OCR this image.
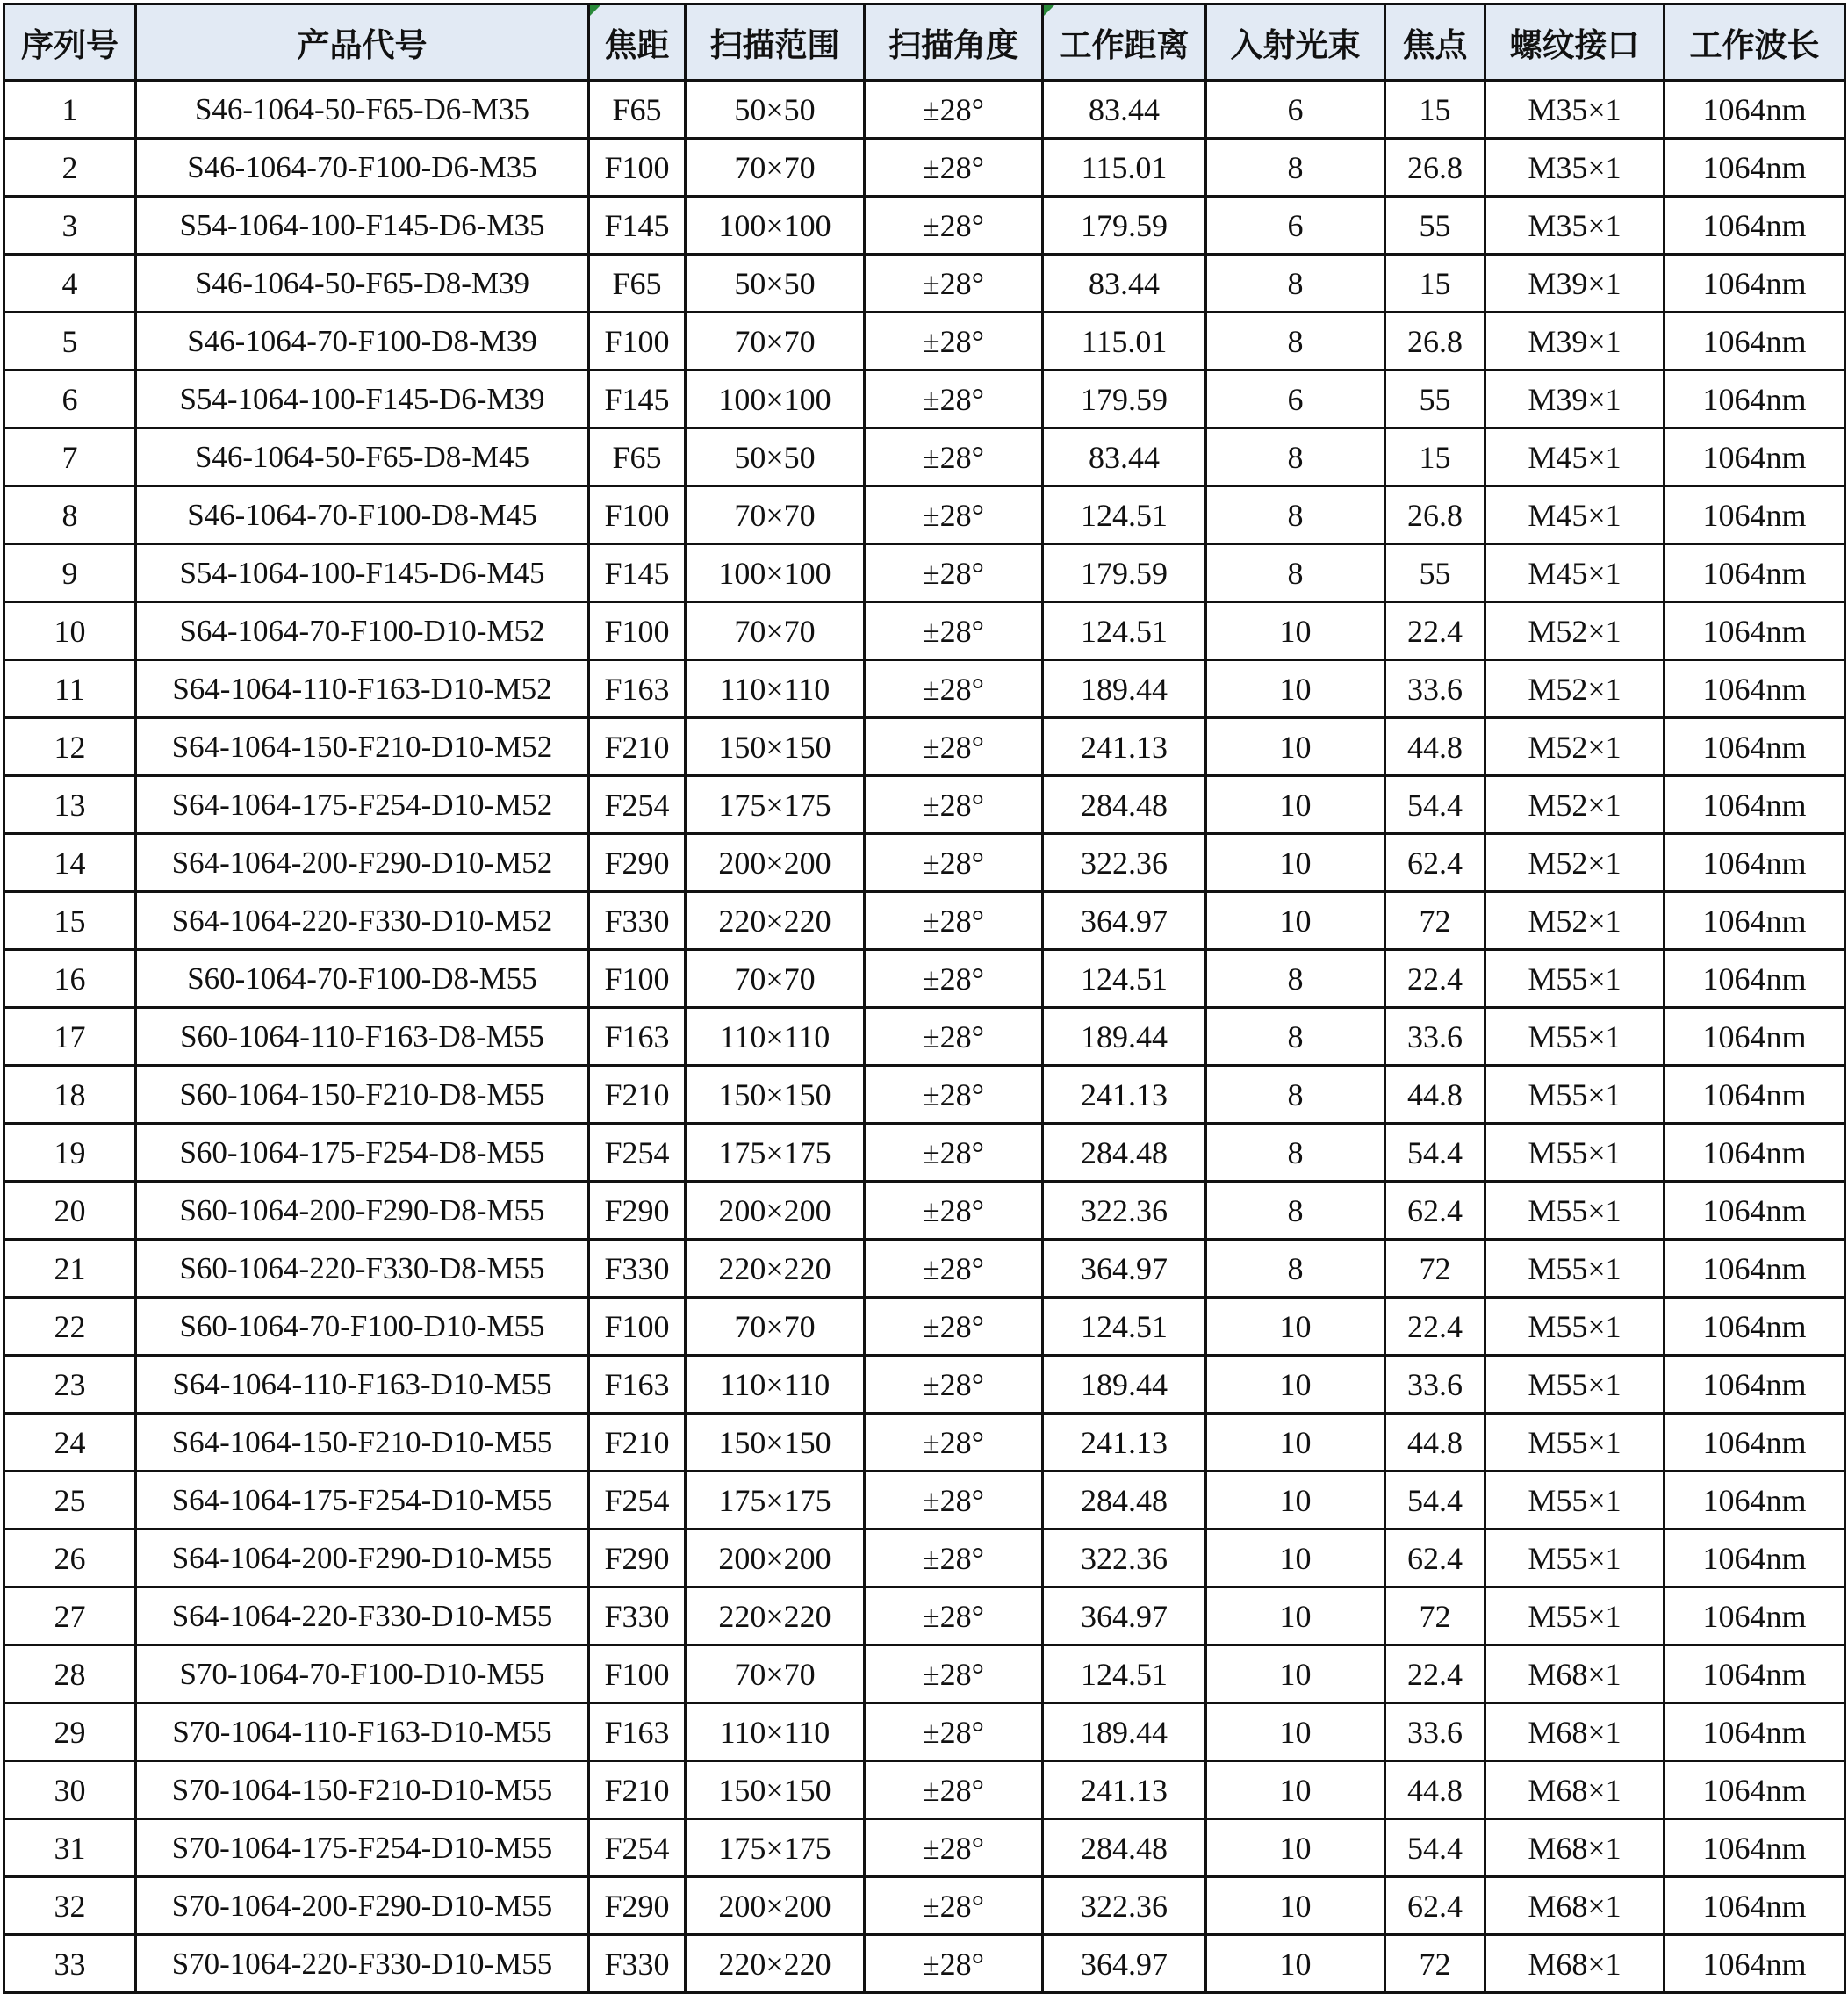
序列号	产品代号	焦距	扫描范围	扫描角度	工作距离	入射光束	焦点	螺纹接口	工作波长
1	S46-1064-50-F65-D6-M35	F65	50×50	±28°	83.44	6	15	M35×1	1064nm
2	S46-1064-70-F100-D6-M35	F100	70×70	±28°	115.01	8	26.8	M35×1	1064nm
3	S54-1064-100-F145-D6-M35	F145	100×100	±28°	179.59	6	55	M35×1	1064nm
4	S46-1064-50-F65-D8-M39	F65	50×50	±28°	83.44	8	15	M39×1	1064nm
5	S46-1064-70-F100-D8-M39	F100	70×70	±28°	115.01	8	26.8	M39×1	1064nm
6	S54-1064-100-F145-D6-M39	F145	100×100	±28°	179.59	6	55	M39×1	1064nm
7	S46-1064-50-F65-D8-M45	F65	50×50	±28°	83.44	8	15	M45×1	1064nm
8	S46-1064-70-F100-D8-M45	F100	70×70	±28°	124.51	8	26.8	M45×1	1064nm
9	S54-1064-100-F145-D6-M45	F145	100×100	±28°	179.59	8	55	M45×1	1064nm
10	S64-1064-70-F100-D10-M52	F100	70×70	±28°	124.51	10	22.4	M52×1	1064nm
11	S64-1064-110-F163-D10-M52	F163	110×110	±28°	189.44	10	33.6	M52×1	1064nm
12	S64-1064-150-F210-D10-M52	F210	150×150	±28°	241.13	10	44.8	M52×1	1064nm
13	S64-1064-175-F254-D10-M52	F254	175×175	±28°	284.48	10	54.4	M52×1	1064nm
14	S64-1064-200-F290-D10-M52	F290	200×200	±28°	322.36	10	62.4	M52×1	1064nm
15	S64-1064-220-F330-D10-M52	F330	220×220	±28°	364.97	10	72	M52×1	1064nm
16	S60-1064-70-F100-D8-M55	F100	70×70	±28°	124.51	8	22.4	M55×1	1064nm
17	S60-1064-110-F163-D8-M55	F163	110×110	±28°	189.44	8	33.6	M55×1	1064nm
18	S60-1064-150-F210-D8-M55	F210	150×150	±28°	241.13	8	44.8	M55×1	1064nm
19	S60-1064-175-F254-D8-M55	F254	175×175	±28°	284.48	8	54.4	M55×1	1064nm
20	S60-1064-200-F290-D8-M55	F290	200×200	±28°	322.36	8	62.4	M55×1	1064nm
21	S60-1064-220-F330-D8-M55	F330	220×220	±28°	364.97	8	72	M55×1	1064nm
22	S60-1064-70-F100-D10-M55	F100	70×70	±28°	124.51	10	22.4	M55×1	1064nm
23	S64-1064-110-F163-D10-M55	F163	110×110	±28°	189.44	10	33.6	M55×1	1064nm
24	S64-1064-150-F210-D10-M55	F210	150×150	±28°	241.13	10	44.8	M55×1	1064nm
25	S64-1064-175-F254-D10-M55	F254	175×175	±28°	284.48	10	54.4	M55×1	1064nm
26	S64-1064-200-F290-D10-M55	F290	200×200	±28°	322.36	10	62.4	M55×1	1064nm
27	S64-1064-220-F330-D10-M55	F330	220×220	±28°	364.97	10	72	M55×1	1064nm
28	S70-1064-70-F100-D10-M55	F100	70×70	±28°	124.51	10	22.4	M68×1	1064nm
29	S70-1064-110-F163-D10-M55	F163	110×110	±28°	189.44	10	33.6	M68×1	1064nm
30	S70-1064-150-F210-D10-M55	F210	150×150	±28°	241.13	10	44.8	M68×1	1064nm
31	S70-1064-175-F254-D10-M55	F254	175×175	±28°	284.48	10	54.4	M68×1	1064nm
32	S70-1064-200-F290-D10-M55	F290	200×200	±28°	322.36	10	62.4	M68×1	1064nm
33	S70-1064-220-F330-D10-M55	F330	220×220	±28°	364.97	10	72	M68×1	1064nm
